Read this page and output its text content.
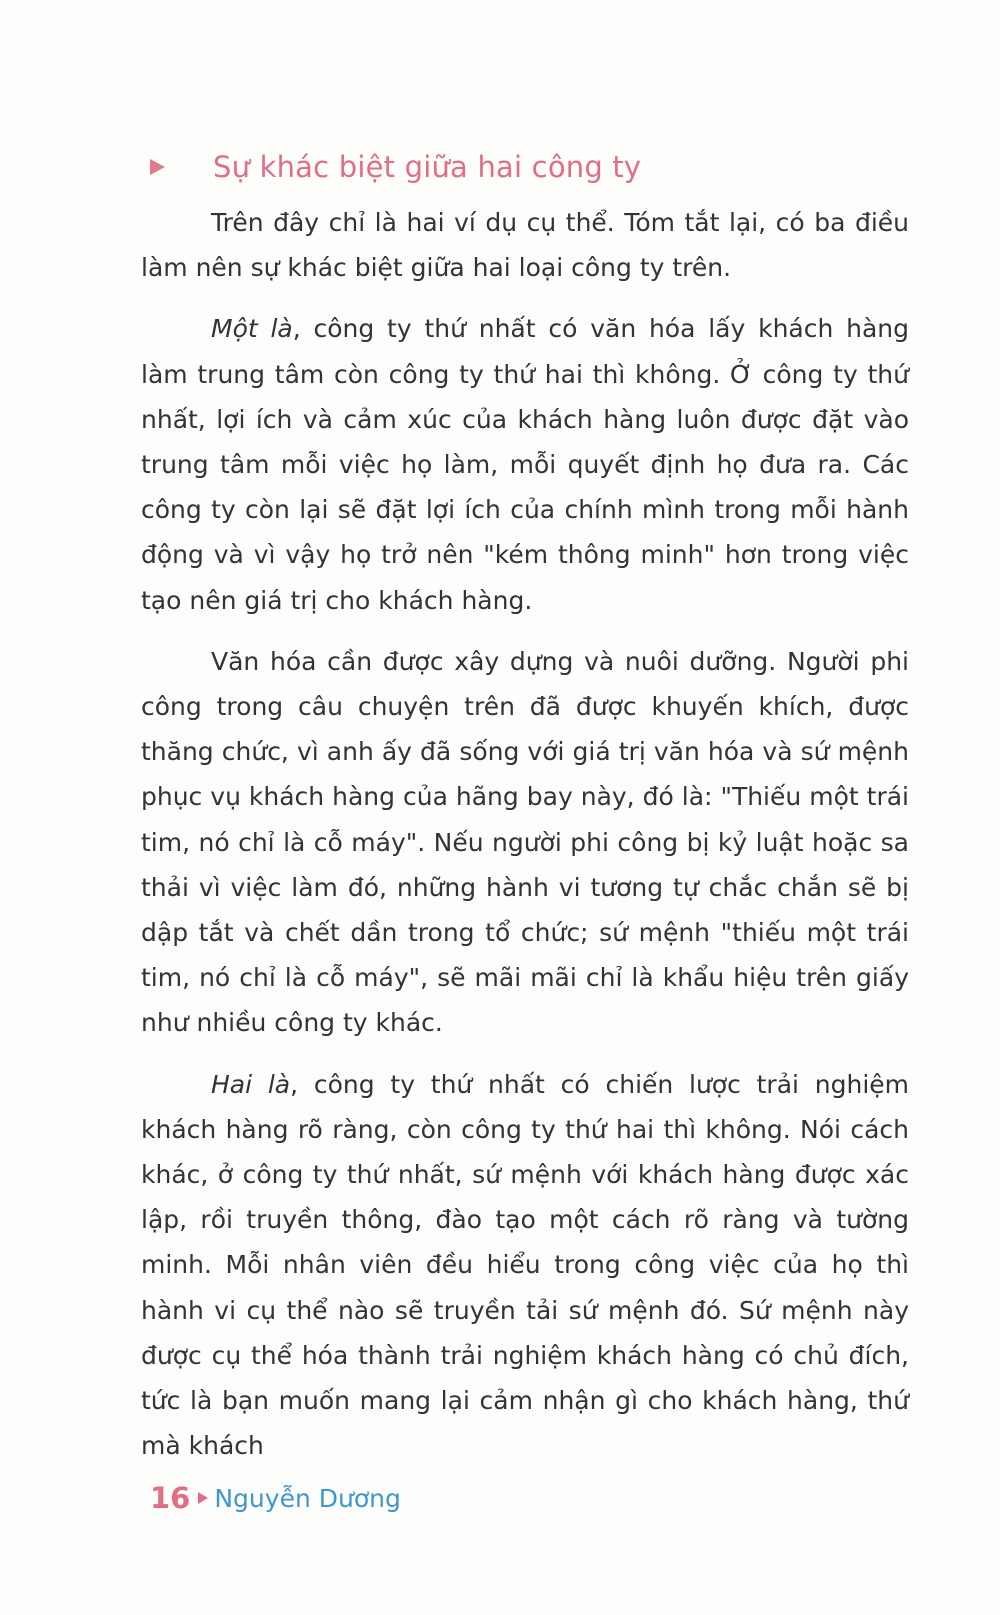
Sự khác biệt giữa hai công ty

Trên đây chỉ là hai ví dụ cụ thể. Tóm tắt lại, có ba điều làm nên sự khác biệt giữa hai loại công ty trên.

Một là, công ty thứ nhất có văn hóa lấy khách hàng làm trung tâm còn công ty thứ hai thì không. Ở công ty thứ nhất, lợi ích và cảm xúc của khách hàng luôn được đặt vào trung tâm mỗi việc họ làm, mỗi quyết định họ đưa ra. Các công ty còn lại sẽ đặt lợi ích của chính mình trong mỗi hành động và vì vậy họ trở nên "kém thông minh" hơn trong việc tạo nên giá trị cho khách hàng.

Văn hóa cần được xây dựng và nuôi dưỡng. Người phi công trong câu chuyện trên đã được khuyến khích, được thăng chức, vì anh ấy đã sống với giá trị văn hóa và sứ mệnh phục vụ khách hàng của hãng bay này, đó là: "Thiếu một trái tim, nó chỉ là cỗ máy". Nếu người phi công bị kỷ luật hoặc sa thải vì việc làm đó, những hành vi tương tự chắc chắn sẽ bị dập tắt và chết dần trong tổ chức; sứ mệnh "thiếu một trái tim, nó chỉ là cỗ máy", sẽ mãi mãi chỉ là khẩu hiệu trên giấy như nhiều công ty khác.

Hai là, công ty thứ nhất có chiến lược trải nghiệm khách hàng rõ ràng, còn công ty thứ hai thì không. Nói cách khác, ở công ty thứ nhất, sứ mệnh với khách hàng được xác lập, rồi truyền thông, đào tạo một cách rõ ràng và tường minh. Mỗi nhân viên đều hiểu trong công việc của họ thì hành vi cụ thể nào sẽ truyền tải sứ mệnh đó. Sứ mệnh này được cụ thể hóa thành trải nghiệm khách hàng có chủ đích, tức là bạn muốn mang lại cảm nhận gì cho khách hàng, thứ mà khách

16 Nguyễn Dương
